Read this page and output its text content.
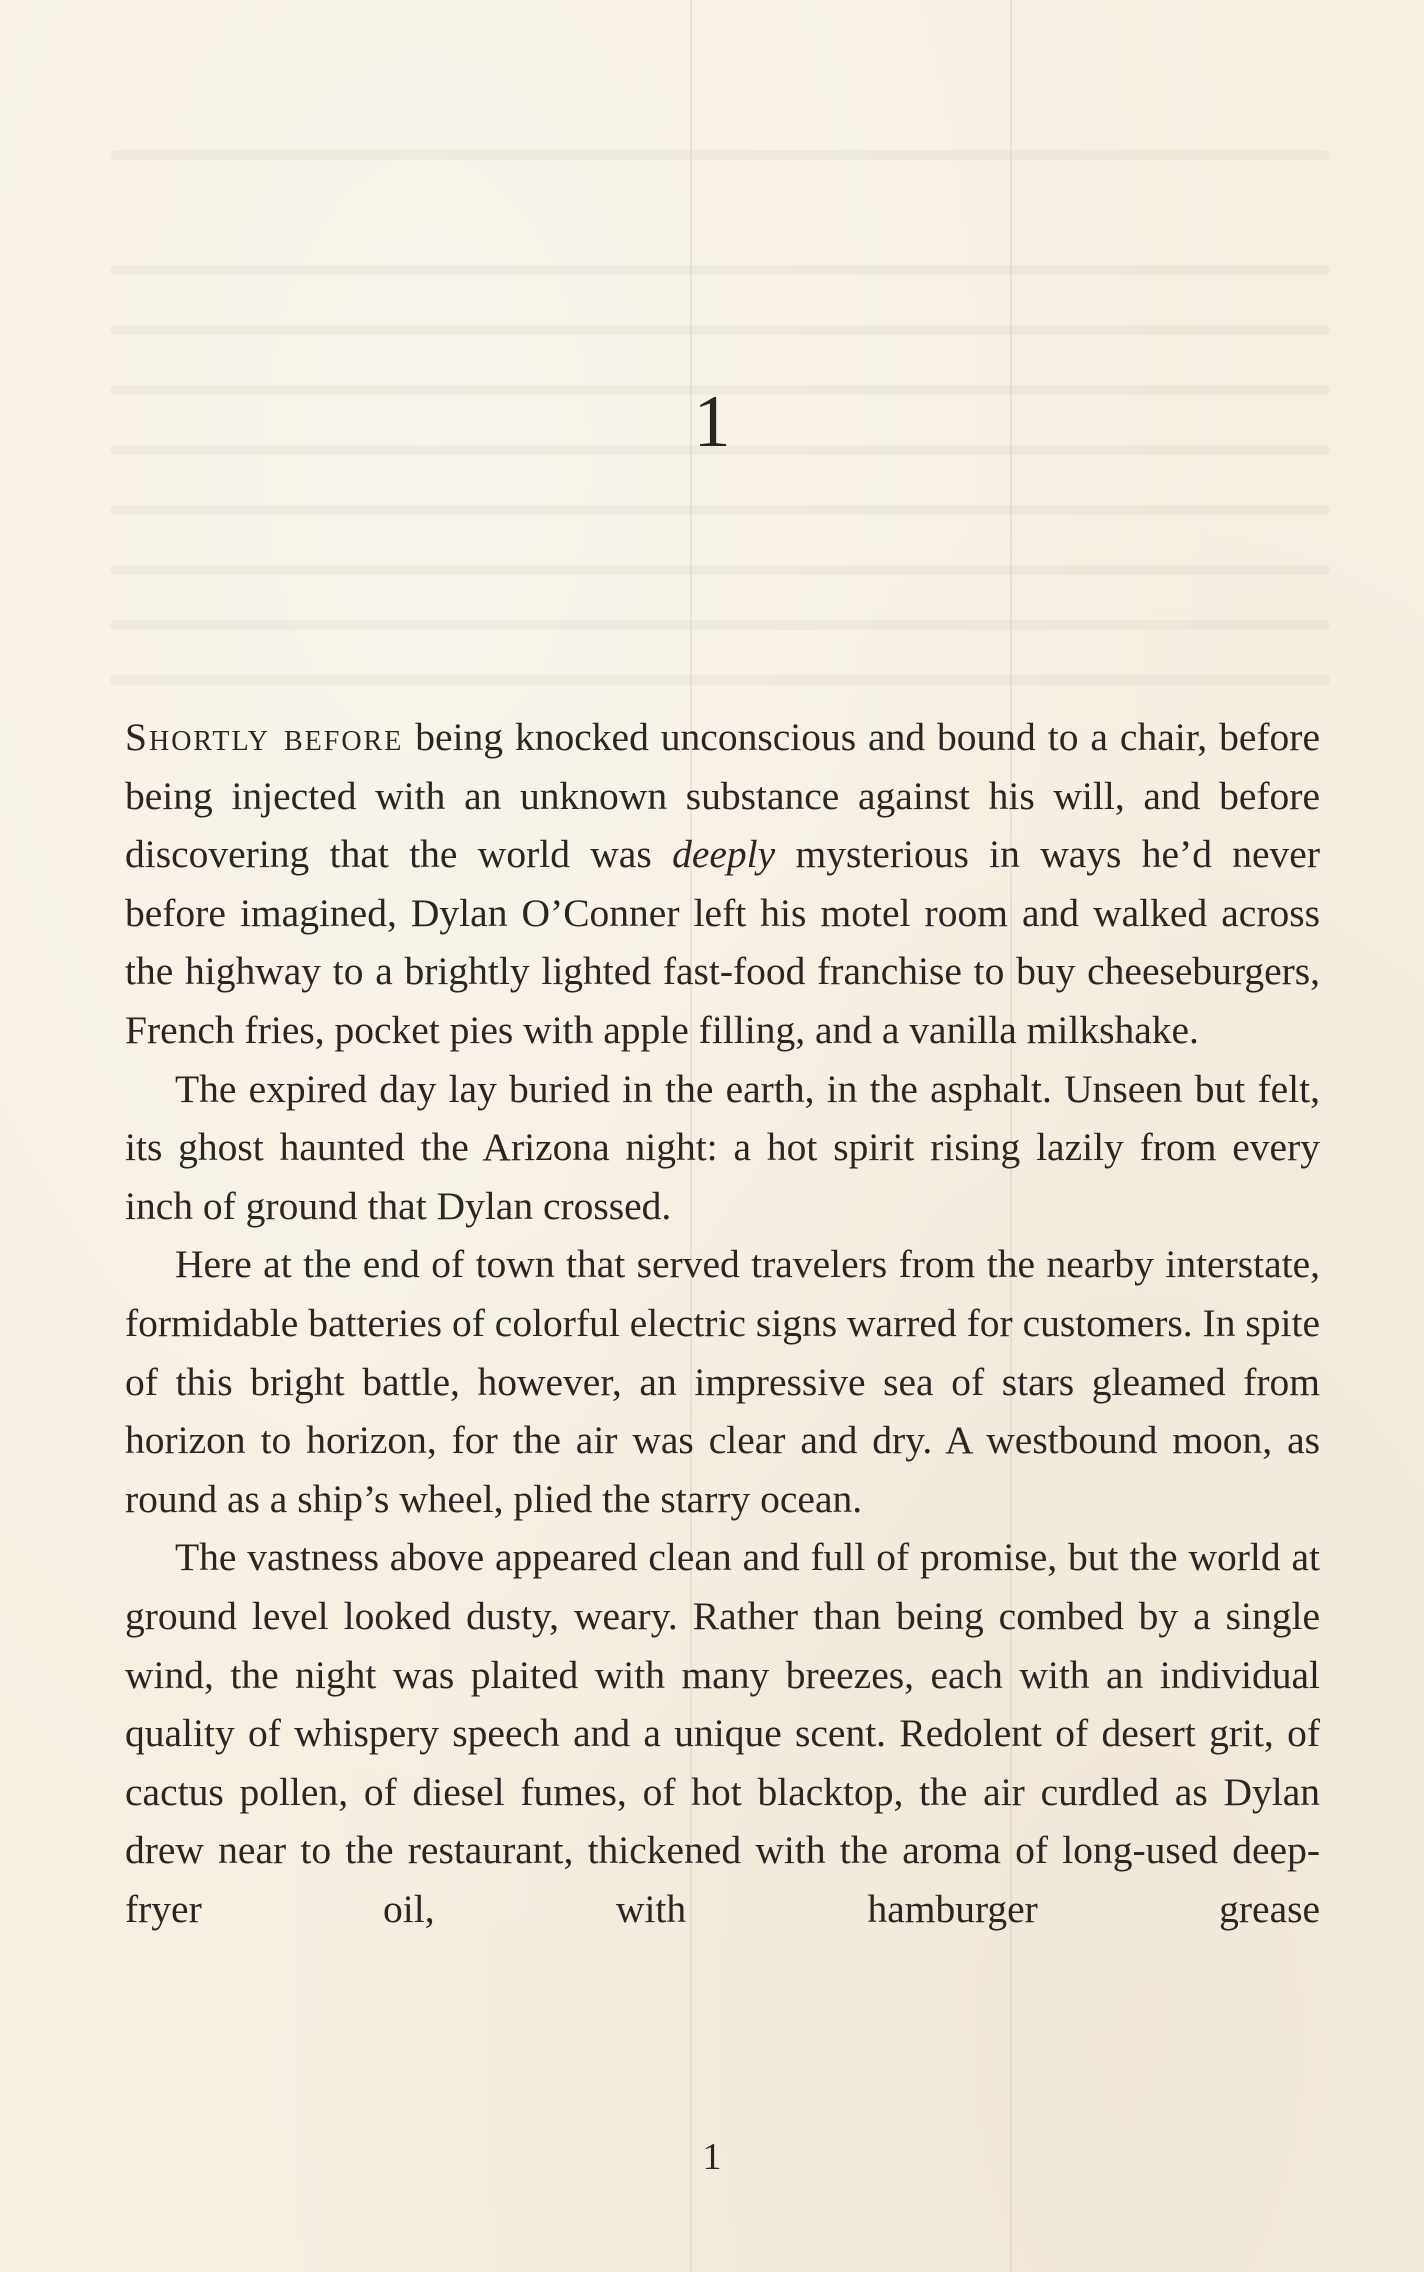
1

Shortly before being knocked unconscious and bound to a chair, before being injected with an unknown substance against his will, and before discovering that the world was deeply mysterious in ways he’d never before imagined, Dylan O’Conner left his motel room and walked across the highway to a brightly lighted fast-food franchise to buy cheeseburgers, French fries, pocket pies with apple filling, and a vanilla milkshake.

The expired day lay buried in the earth, in the asphalt. Unseen but felt, its ghost haunted the Arizona night: a hot spirit rising lazily from every inch of ground that Dylan crossed.

Here at the end of town that served travelers from the nearby interstate, formidable batteries of colorful electric signs warred for customers. In spite of this bright battle, however, an impressive sea of stars gleamed from horizon to horizon, for the air was clear and dry. A westbound moon, as round as a ship’s wheel, plied the starry ocean.

The vastness above appeared clean and full of promise, but the world at ground level looked dusty, weary. Rather than being combed by a single wind, the night was plaited with many breezes, each with an individual quality of whispery speech and a unique scent. Redolent of desert grit, of cactus pollen, of diesel fumes, of hot blacktop, the air curdled as Dylan drew near to the restaurant, thickened with the aroma of long-used deep-fryer oil, with hamburger grease

1
